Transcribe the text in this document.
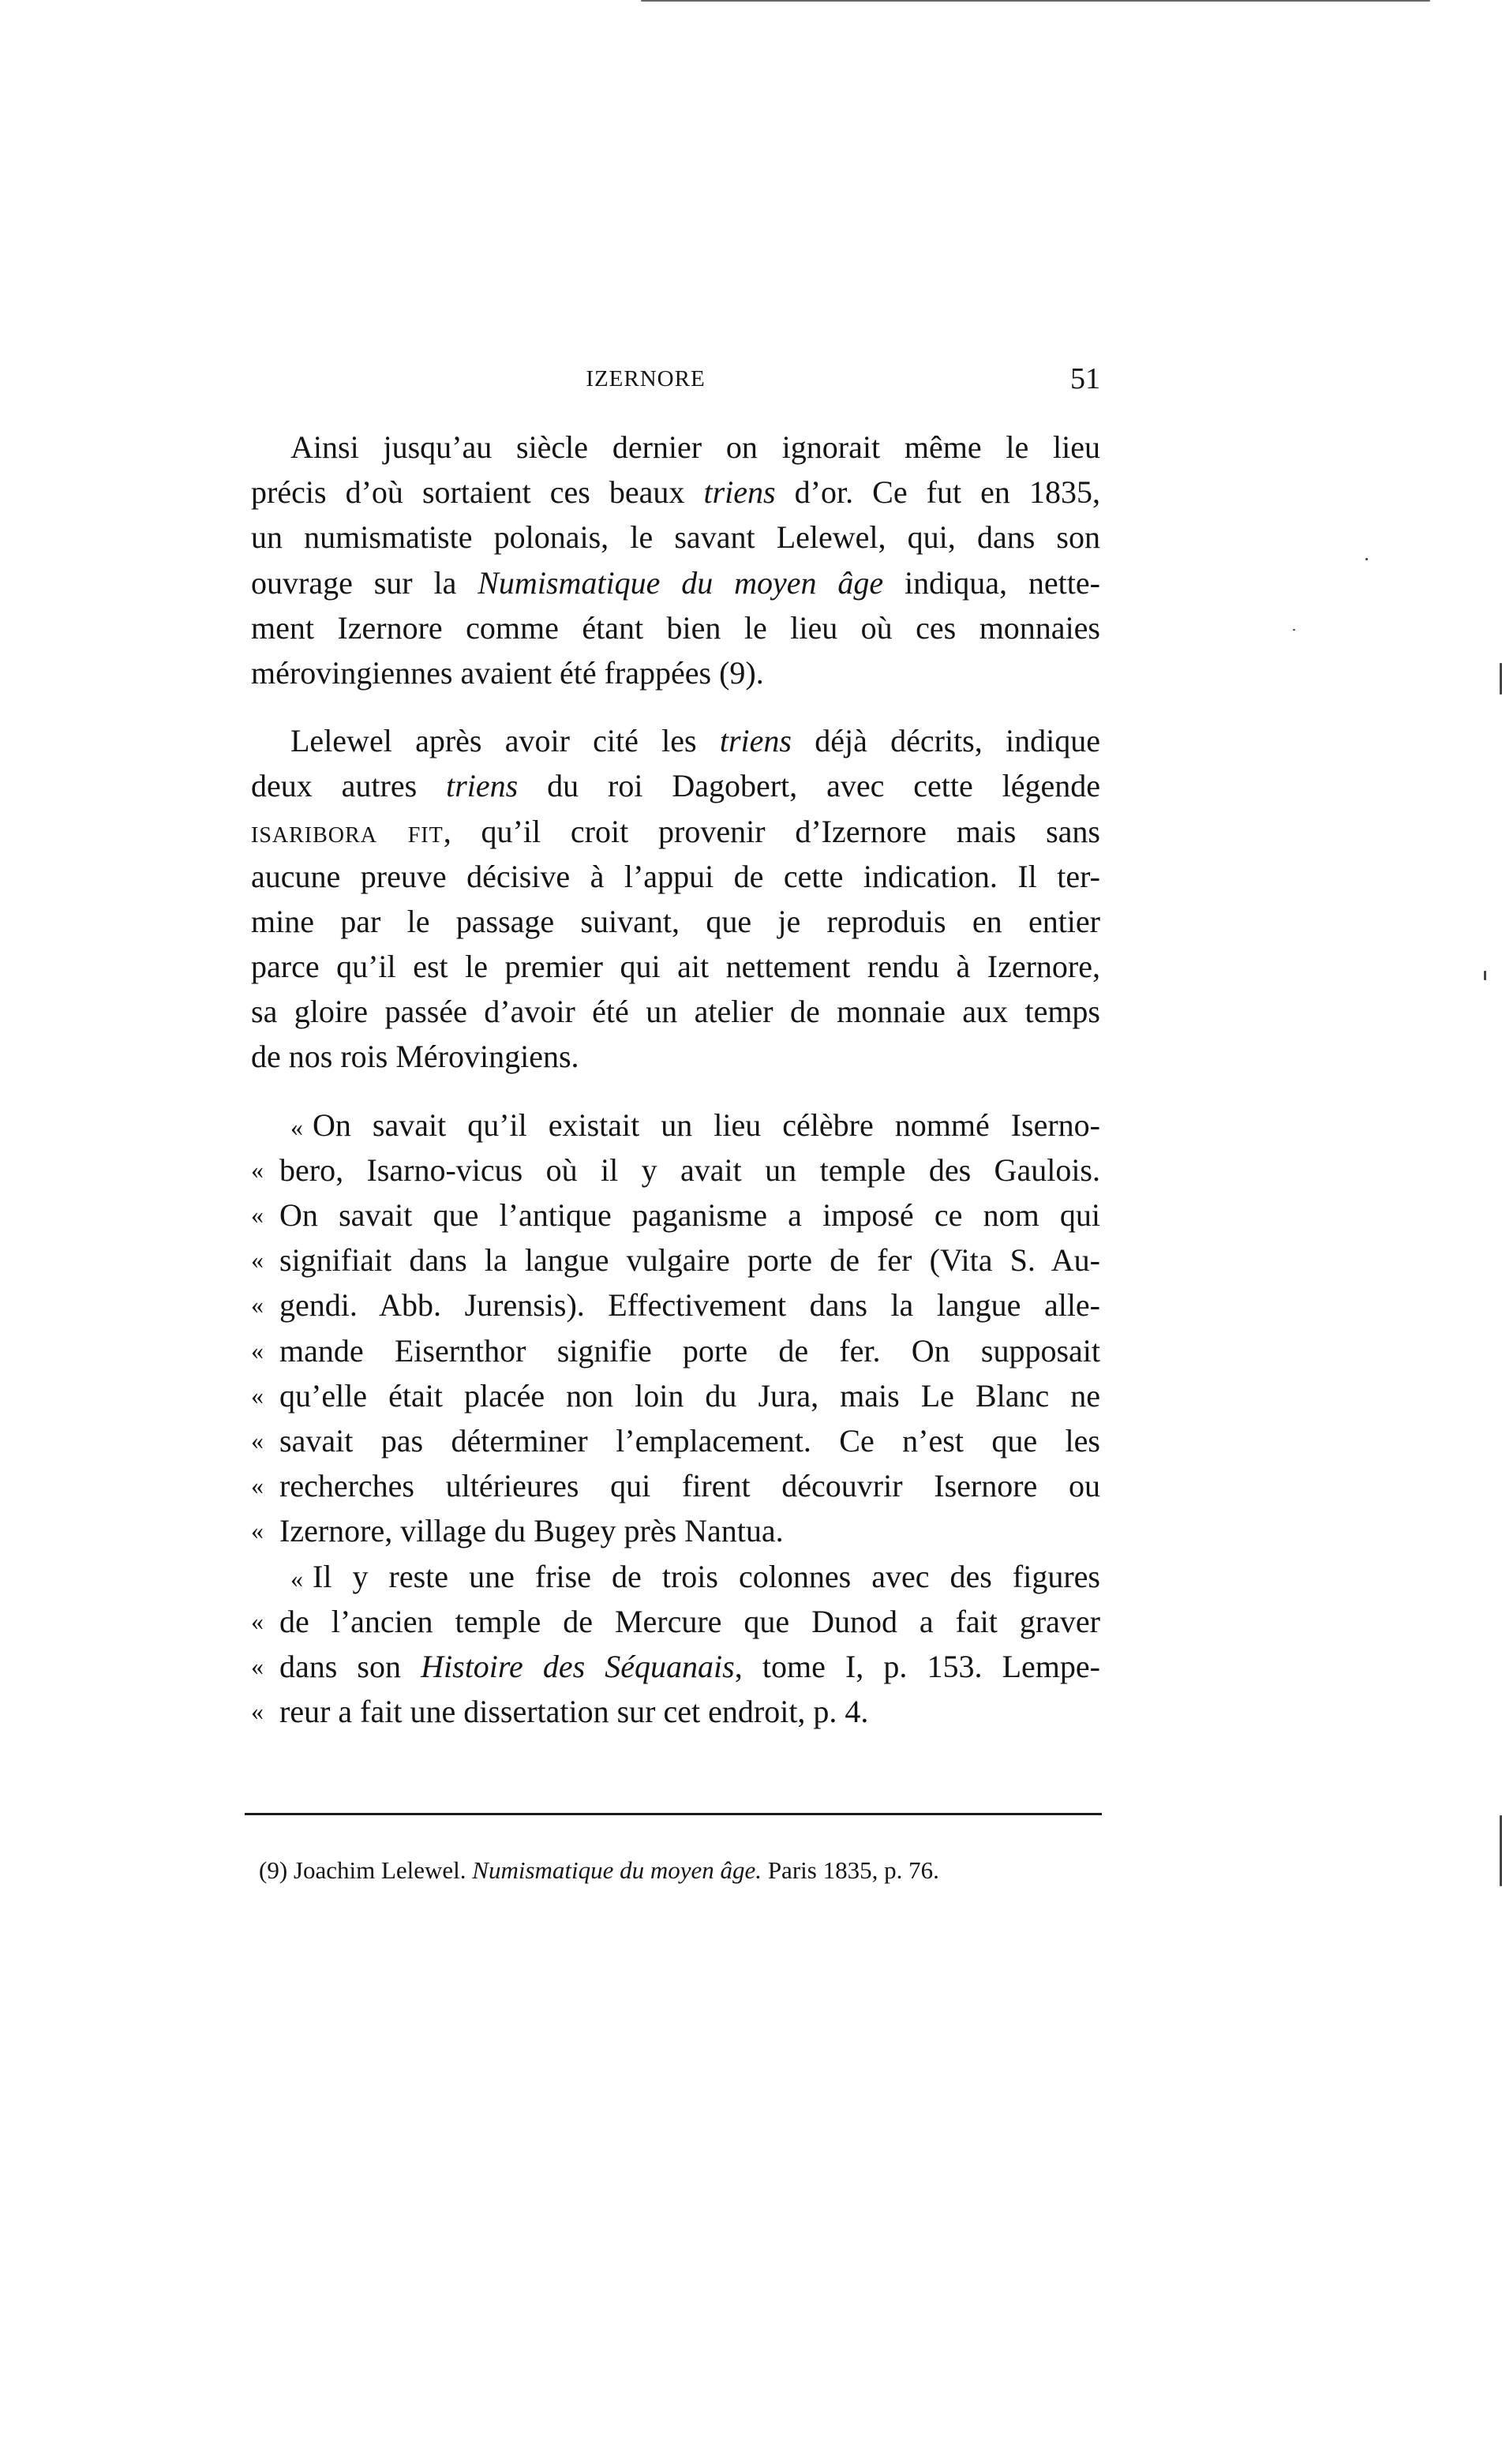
IZERNORE	51
Ainsi jusqu’au siècle dernier on ignorait même le lieu
précis d’où sortaient ces beaux triens d’or. Ce fut en 1835,
un numismatiste polonais, le savant Lelewel, qui, dans son
ouvrage sur la Numismatique du moyen âge indiqua, nette-
ment Izernore comme étant bien le lieu où ces monnaies
mérovingiennes avaient été frappées (9).
Lelewel après avoir cité les triens déjà décrits, indique
deux autres triens du roi Dagobert, avec cette légende
isaribora fit, qu’il croit provenir d’Izernore mais sans
aucune preuve décisive à l’appui de cette indication. Il ter-
mine par le passage suivant, que je reproduis en entier
parce qu’il est le premier qui ait nettement rendu à Izernore,
sa gloire passée d’avoir été un atelier de monnaie aux temps
de nos rois Mérovingiens.
« On savait qu’il existait un lieu célèbre nommé Iserno-
« bero, Isarno-vicus où il y avait un temple des Gaulois.
« On savait que l’antique paganisme a imposé ce nom qui
« signifiait dans la langue vulgaire porte de fer (Vita S. Au-
« gendi. Abb. Jurensis). Effectivement dans la langue alle-
« mande Eisernthor signifie porte de fer. On supposait
« qu’elle était placée non loin du Jura, mais Le Blanc ne
« savait pas déterminer l’emplacement. Ce n’est que les
« recherches ultérieures qui firent découvrir Isernore ou
« Izernore, village du Bugey près Nantua.
« Il y reste une frise de trois colonnes avec des figures
« de l’ancien temple de Mercure que Dunod a fait graver
« dans son Histoire des Séquanais, tome I, p. 153. Lempe-
« reur a fait une dissertation sur cet endroit, p. 4.
(9) Joachim Lelewel. Numismatique du moyen âge. Paris 1835, p. 76.
